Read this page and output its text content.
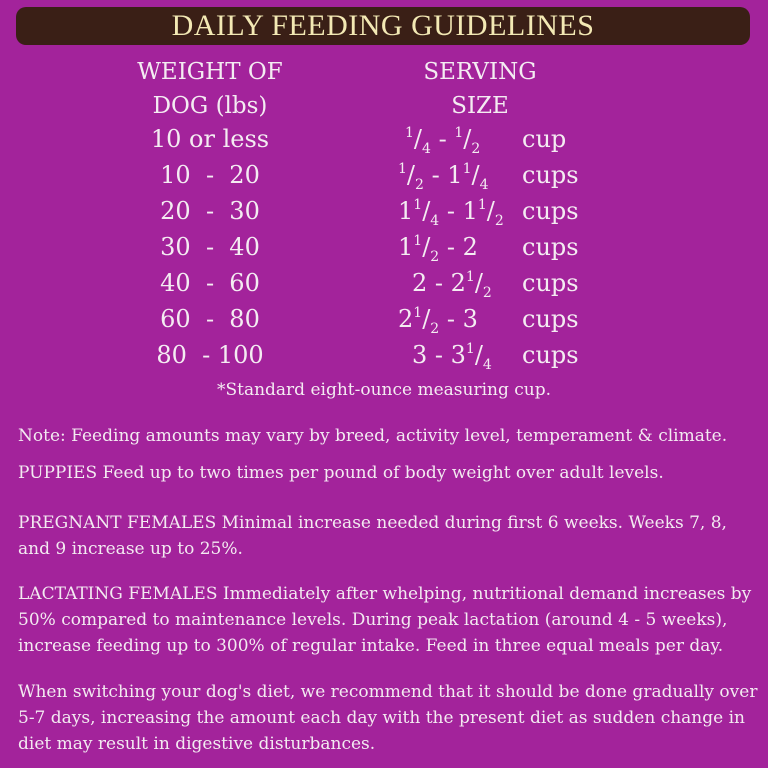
DAILY FEEDING GUIDELINES
WEIGHT OF
DOG (lbs)
SERVING
SIZE
10 or less	$^1/_4 - ^1/_2$	cup
10  -  20	$^1/_2 - 1^1/_4$	cups
20  -  30	$1^1/_4 - 1^1/_2$ cups
30  -  40	$1^1/_2 - 2$	cups
40  -  60	$2 - 2^1/_2$	cups
60  -  80	$2^1/_2 - 3$	cups
80  - 100	$3 - 3^1/_4$	cups
*Standard eight-ounce measuring cup.
Note: Feeding amounts may vary by breed, activity level, temperament & climate.
PUPPIES Feed up to two times per pound of body weight over adult levels.
PREGNANT FEMALES Minimal increase needed during first 6 weeks. Weeks 7, 8, and 9 increase up to 25%.
LACTATING FEMALES Immediately after whelping, nutritional demand increases by 50% compared to maintenance levels. During peak lactation (around 4 - 5 weeks), increase feeding up to 300% of regular intake. Feed in three equal meals per day.
When switching your dog's diet, we recommend that it should be done gradually over 5-7 days, increasing the amount each day with the present diet as sudden change in diet may result in digestive disturbances.
